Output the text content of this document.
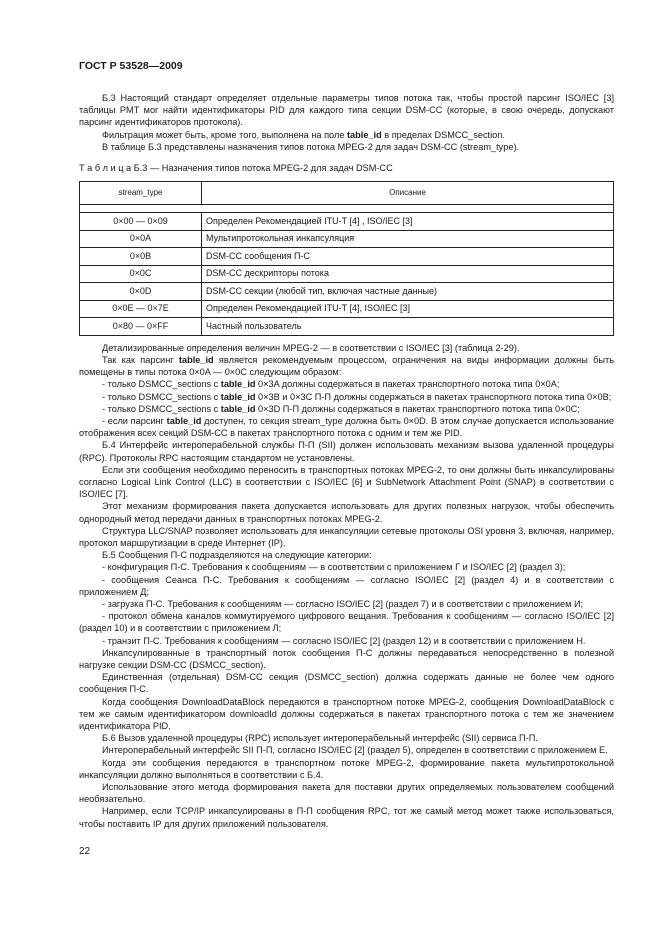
ГОСТ Р 53528—2009

Б.3 Настоящий стандарт определяет отдельные параметры типов потока так, чтобы простой парсинг ISO/IEC [3] таблицы PMT мог найти идентификаторы PID для каждого типа секции DSM-CC (которые, в свою очередь, допускают парсинг идентификаторов протокола).

Фильтрация может быть, кроме того, выполнена на поле table_id в пределах DSMCC_section.

В таблице Б.3 представлены назначения типов потока MPEG-2 для задач DSM-CC (stream_type).

Т а б л и ц а Б.3 — Назначения типов потока MPEG-2 для задач DSM-CC

stream_type	Описание

0×00 — 0×09	Определен Рекомендацией ITU-T [4] , ISO/IEC [3]
0×0A	Мультипротокольная инкапсуляция
0×0B	DSM-CC сообщения П-С
0×0C	DSM-CC дескрипторы потока
0×0D	DSM-CC секции (любой тип, включая частные данные)
0×0E — 0×7E	Определен Рекомендацией ITU-T [4], ISO/IEC [3]
0×80 — 0×FF	Частный пользователь

Детализированные определения величин MPEG-2 — в соответствии с ISO/IEC [3] (таблица 2-29).

Так как парсинг table_id является рекомендуемым процессом, ограничения на виды информации должны быть помещены в типы потока 0×0A — 0×0C следующим образом:

- только DSMCC_sections с table_id 0×3A должны содержаться в пакетах транспортного потока типа 0×0A;

- только DSMCC_sections с table_id 0×3B и 0×3C П-П должны содержаться в пакетах транспортного потока типа 0×0B;

- только DSMCC_sections с table_id 0×3D П-П должны содержаться в пакетах транспортного потока типа 0×0C;

- если парсинг table_id доступен, то секция stream_type должна быть 0×0D. В этом случае допускается использование отображения всех секций DSM-CC в пакетах транспортного потока с одним и тем же PID.

Б.4 Интерфейс интероперабельной службы П-П (SII) должен использовать механизм вызова удаленной процедуры (RPC). Протоколы RPC настоящим стандартом не установлены.

Если эти сообщения необходимо переносить в транспортных потоках MPEG-2, то они должны быть инкапсулированы согласно Logical Link Control (LLC) в соответствии с ISO/IEC [6] и SubNetwork Attachment Point (SNAP) в соответствии с ISO/IEC [7].

Этот механизм формирования пакета допускается использовать для других полезных нагрузок, чтобы обеспечить однородный метод передачи данных в транспортных потоках MPEG-2.

Структура LLC/SNAP позволяет использовать для инкапсуляции сетевые протоколы OSI уровня 3, включая, например, протокол маршрутизации в среде Интернет (IP).

Б.5 Сообщения П-С подразделяются на следующие категории:

- конфигурация П-С. Требования к сообщениям — в соответствии с приложением Г и ISO/IEC [2] (раздел 3);

- сообщения Сеанса П-С. Требования к сообщениям — согласно ISO/IEC [2] (раздел 4) и в соответствии с приложением Д;

- загрузка П-С. Требования к сообщениям — согласно ISO/IEC [2] (раздел 7) и в соответствии с приложением И;

- протокол обмена каналов коммутируемого цифрового вещания. Требования к сообщениям — согласно ISO/IEC [2] (раздел 10) и в соответствии с приложением Л;

- транзит П-С. Требования к сообщениям — согласно ISO/IEC [2] (раздел 12) и в соответствии с приложением Н.

Инкапсулированные в транспортный поток сообщения П-С должны передаваться непосредственно в полезной нагрузке секции DSM-CC (DSMCC_section).

Единственная (отдельная) DSM-CC секция (DSMCC_section) должна содержать данные не более чем одного сообщения П-С.

Когда сообщения DownloadDataBlock передаются в транспортном потоке MPEG-2, сообщения DownloadDataBlock с тем же самым идентификатором downloadId должны содержаться в пакетах транспортного потока с тем же значением идентификатора PID.

Б.6 Вызов удаленной процедуры (RPC) использует интероперабельный интерфейс (SII) сервиса П-П.

Интероперабельный интерфейс SII П-П, согласно ISO/IEC [2] (раздел 5), определен в соответствии с приложением Е.

Когда эти сообщения передаются в транспортном потоке MPEG-2, формирование пакета мультипротокольной инкапсуляции должно выполняться в соответствии с Б.4.

Использование этого метода формирования пакета для поставки других определяемых пользователем сообщений необязательно.

Например, если TCP/IP инкапсулированы в П-П сообщения RPC, тот же самый метод может также использоваться, чтобы поставить IP для других приложений пользователя.

22
